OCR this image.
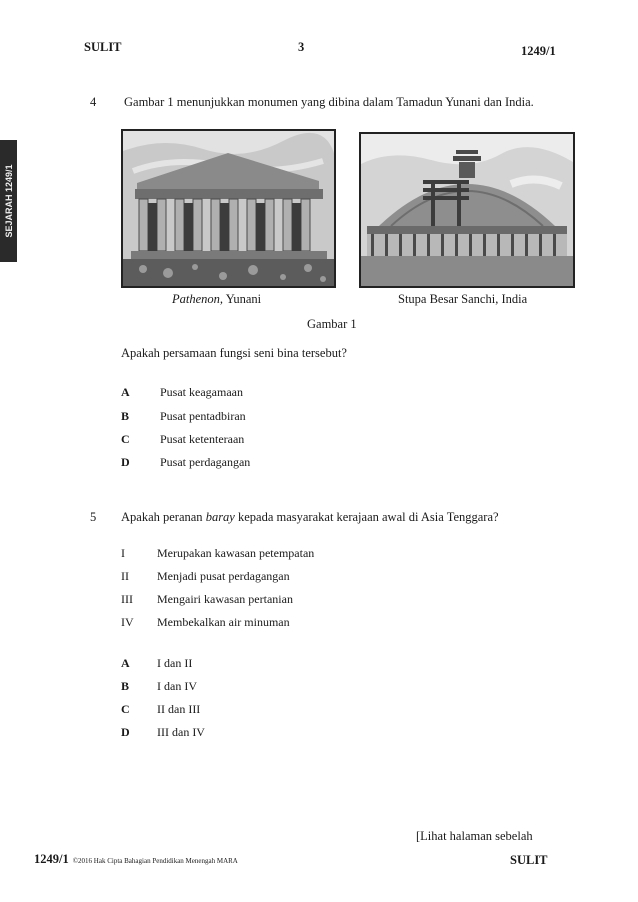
SULIT	3	1249/1
SEJARAH 1249/1
4 Gambar 1 menunjukkan monumen yang dibina dalam Tamadun Yunani dan India.
Pathenon, Yunani	Stupa Besar Sanchi, India
Gambar 1
Apakah persamaan fungsi seni bina tersebut?
A	Pusat keagamaan
B	Pusat pentadbiran
C	Pusat ketenteraan
D	Pusat perdagangan
5 Apakah peranan baray kepada masyarakat kerajaan awal di Asia Tenggara?
I	Merupakan kawasan petempatan
II Menjadi pusat perdagangan
III Mengairi kawasan pertanian
IV Membekalkan air minuman
A I dan II
B I dan IV
C II dan III
D III dan IV
[Lihat halaman sebelah
1249/1 ©2016 Hak Cipta Bahagian Pendidikan Menengah MARA	SULIT
